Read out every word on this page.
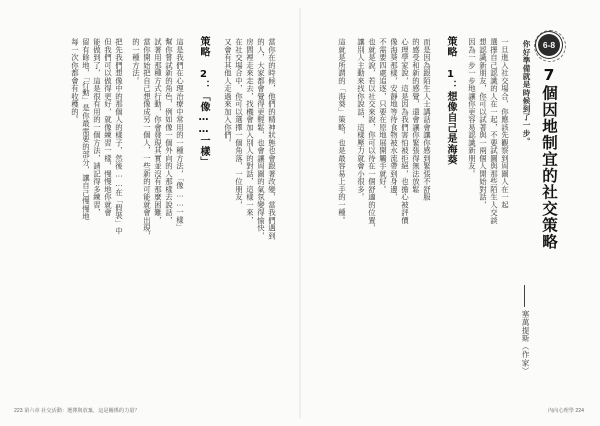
6-8
7個因地制宜的社交策略
你好準備就是時候到了一步。
一旦進入社交場合，你應該先觀察到周圍人在一起
選擇自己認識的人在一起，不要試圖與那些陌生人交談
想認識新朋友，你可以試著與一兩個人開始對話，
因為一步一步地讓你更容易認識新朋友。
塞萬提斯（作家）
策略 1：想像自己是海葵
而是因為跟陌生人士講話會讓你感到緊張不舒服
的感受和新的感覺，還會讓你緊張得無法放鬆
心理學家說，這是因為我們害怕被拒絕，也擔心被評價
像海葵那樣，安靜地等待食物被水流帶到身邊，
不需要四處追逐，只要在原地展開觸手就好。
也就是說，若以社交來說，你可以待在一個舒適的位置，
讓別人主動來找你說話，這樣壓力就會小很多。
這就是所謂的「海葵」策略，也是最容易上手的一種。
內向心理學 224
當你在的時候，他們的精神狀態也會跟著改變，當我們遇到
的人，大家都會覺得更輕鬆，也會讓周圍的氣氛變得愉快，
房間裡走來走去，找機會加入別人的對話，這樣一來，
在社交場合中，你可以選擇一個角落，一位朋友，
又會有其他人走過來加入你們。
策略 2：「像……一樣」
這是我們在心理治療中常用的一種方法，「像……一樣」
幫你嘗試新的角色，例如像一個外向的人那樣去說話，
試著用那種方式行動，你會發現其實並沒有那麼困難，
當你開始把自己想像成另一個人，一些新的可能就會出現，
的一種方法。
把先我們想像中的那個人的樣子，然後……在「假裝」中
但我們可以做得更好，就像練習一樣，慢慢地你就會
能做到了，這是很有用的一個方法，請記得多練習，
留有餘地，「行動」是你最需要的部分，讓自己慢慢地
每一次你都會有收穫的。
223 第六章 社交活動：選擇與放棄，這是關係的力量？
